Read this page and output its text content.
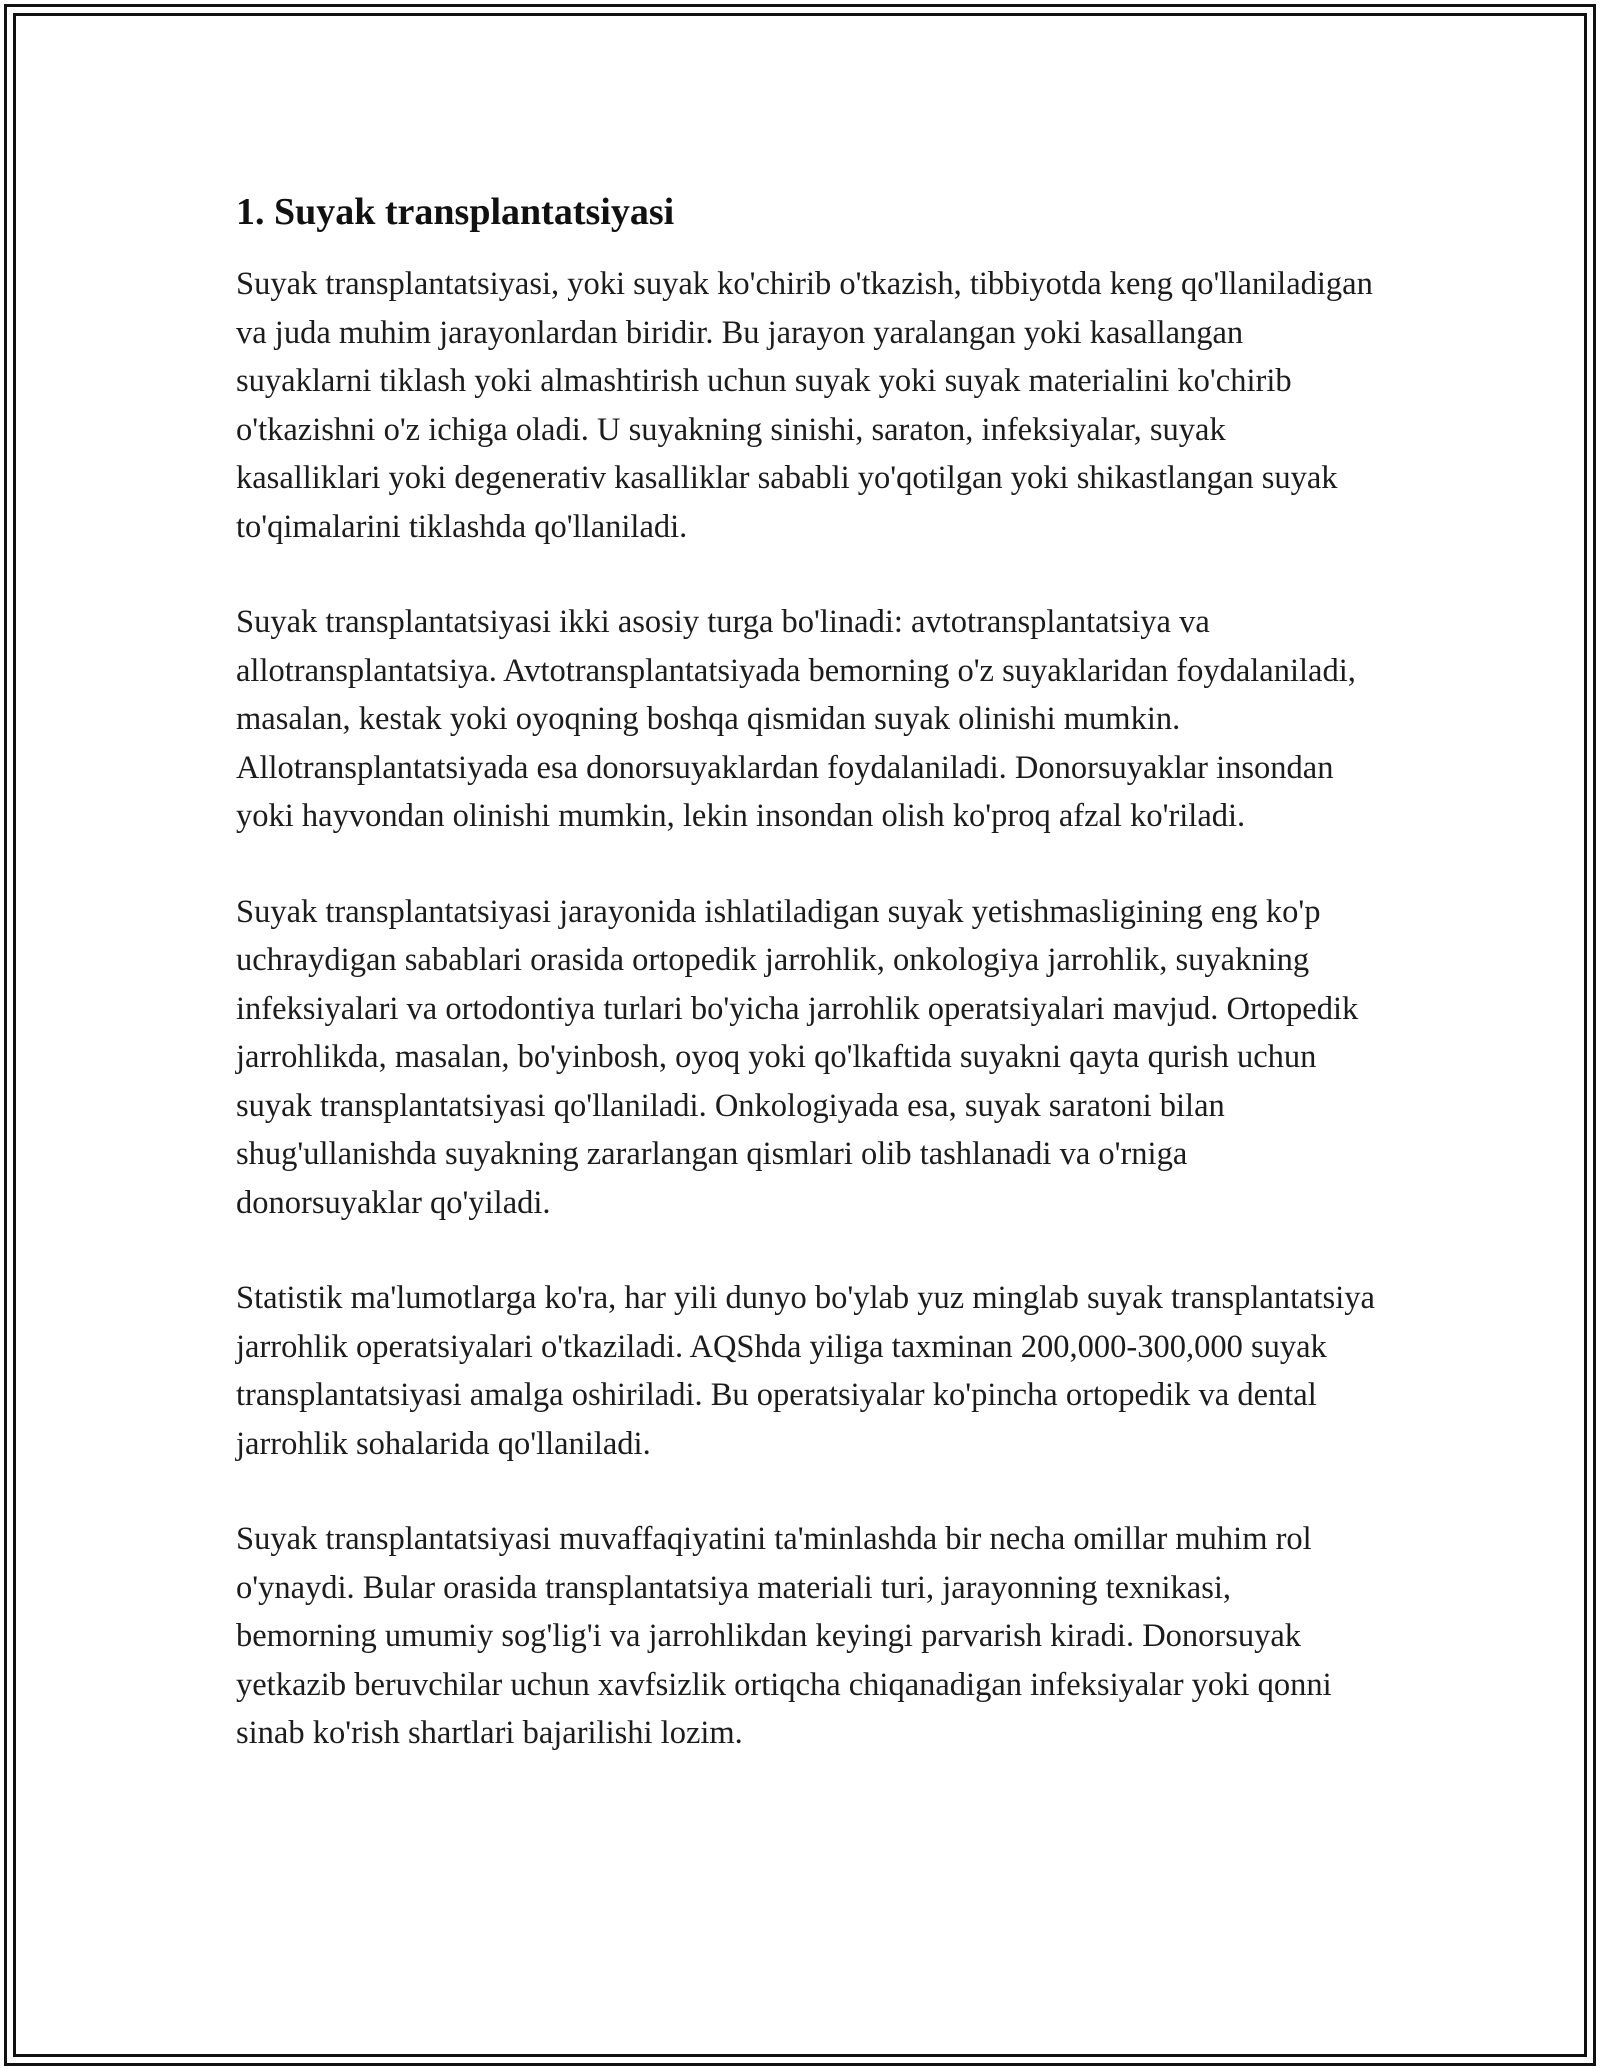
1. Suyak transplantatsiyasi

Suyak transplantatsiyasi, yoki suyak ko'chirib o'tkazish, tibbiyotda keng qo'llaniladigan va juda muhim jarayonlardan biridir. Bu jarayon yaralangan yoki kasallangan suyaklarni tiklash yoki almashtirish uchun suyak yoki suyak materialini ko'chirib o'tkazishni o'z ichiga oladi. U suyakning sinishi, saraton, infeksiyalar, suyak kasalliklari yoki degenerativ kasalliklar sababli yo'qotilgan yoki shikastlangan suyak to'qimalarini tiklashda qo'llaniladi.

Suyak transplantatsiyasi ikki asosiy turga bo'linadi: avtotransplantatsiya va allotransplantatsiya. Avtotransplantatsiyada bemorning o'z suyaklaridan foydalaniladi, masalan, kestak yoki oyoqning boshqa qismidan suyak olinishi mumkin. Allotransplantatsiyada esa donorsuyaklardan foydalaniladi. Donorsuyaklar insondan yoki hayvondan olinishi mumkin, lekin insondan olish ko'proq afzal ko'riladi.

Suyak transplantatsiyasi jarayonida ishlatiladigan suyak yetishmasligining eng ko'p uchraydigan sabablari orasida ortopedik jarrohlik, onkologiya jarrohlik, suyakning infeksiyalari va ortodontiya turlari bo'yicha jarrohlik operatsiyalari mavjud. Ortopedik jarrohlikda, masalan, bo'yinbosh, oyoq yoki qo'lkaftida suyakni qayta qurish uchun suyak transplantatsiyasi qo'llaniladi. Onkologiyada esa, suyak saratoni bilan shug'ullanishda suyakning zararlangan qismlari olib tashlanadi va o'rniga donorsuyaklar qo'yiladi.

Statistik ma'lumotlarga ko'ra, har yili dunyo bo'ylab yuz minglab suyak transplantatsiya jarrohlik operatsiyalari o'tkaziladi. AQShda yiliga taxminan 200,000-300,000 suyak transplantatsiyasi amalga oshiriladi. Bu operatsiyalar ko'pincha ortopedik va dental jarrohlik sohalarida qo'llaniladi.

Suyak transplantatsiyasi muvaffaqiyatini ta'minlashda bir necha omillar muhim rol o'ynaydi. Bular orasida transplantatsiya materiali turi, jarayonning texnikasi, bemorning umumiy sog'lig'i va jarrohlikdan keyingi parvarish kiradi. Donorsuyak yetkazib beruvchilar uchun xavfsizlik ortiqcha chiqanadigan infeksiyalar yoki qonni sinab ko'rish shartlari bajarilishi lozim.
